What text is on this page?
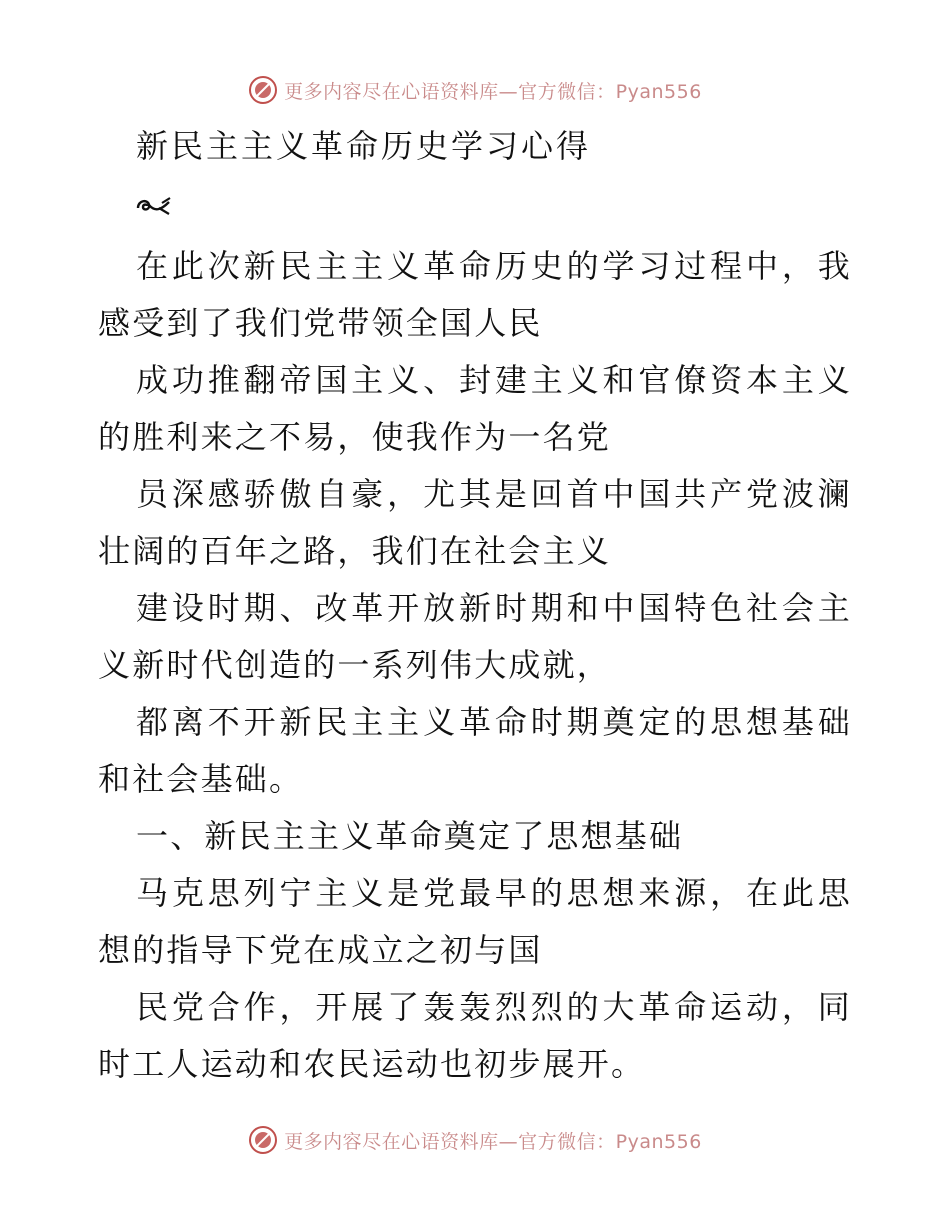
更多内容尽在心语资料库—官方微信：Pyan556
新民主主义革命历史学习心得

在此次新民主主义革命历史的学习过程中，我感受到了我们党带领全国人民

成功推翻帝国主义、封建主义和官僚资本主义的胜利来之不易，使我作为一名党

员深感骄傲自豪，尤其是回首中国共产党波澜壮阔的百年之路，我们在社会主义

建设时期、改革开放新时期和中国特色社会主义新时代创造的一系列伟大成就，

都离不开新民主主义革命时期奠定的思想基础和社会基础。

一、新民主主义革命奠定了思想基础

马克思列宁主义是党最早的思想来源，在此思想的指导下党在成立之初与国

民党合作，开展了轰轰烈烈的大革命运动，同时工人运动和农民运动也初步展开。

更多内容尽在心语资料库—官方微信：Pyan556
